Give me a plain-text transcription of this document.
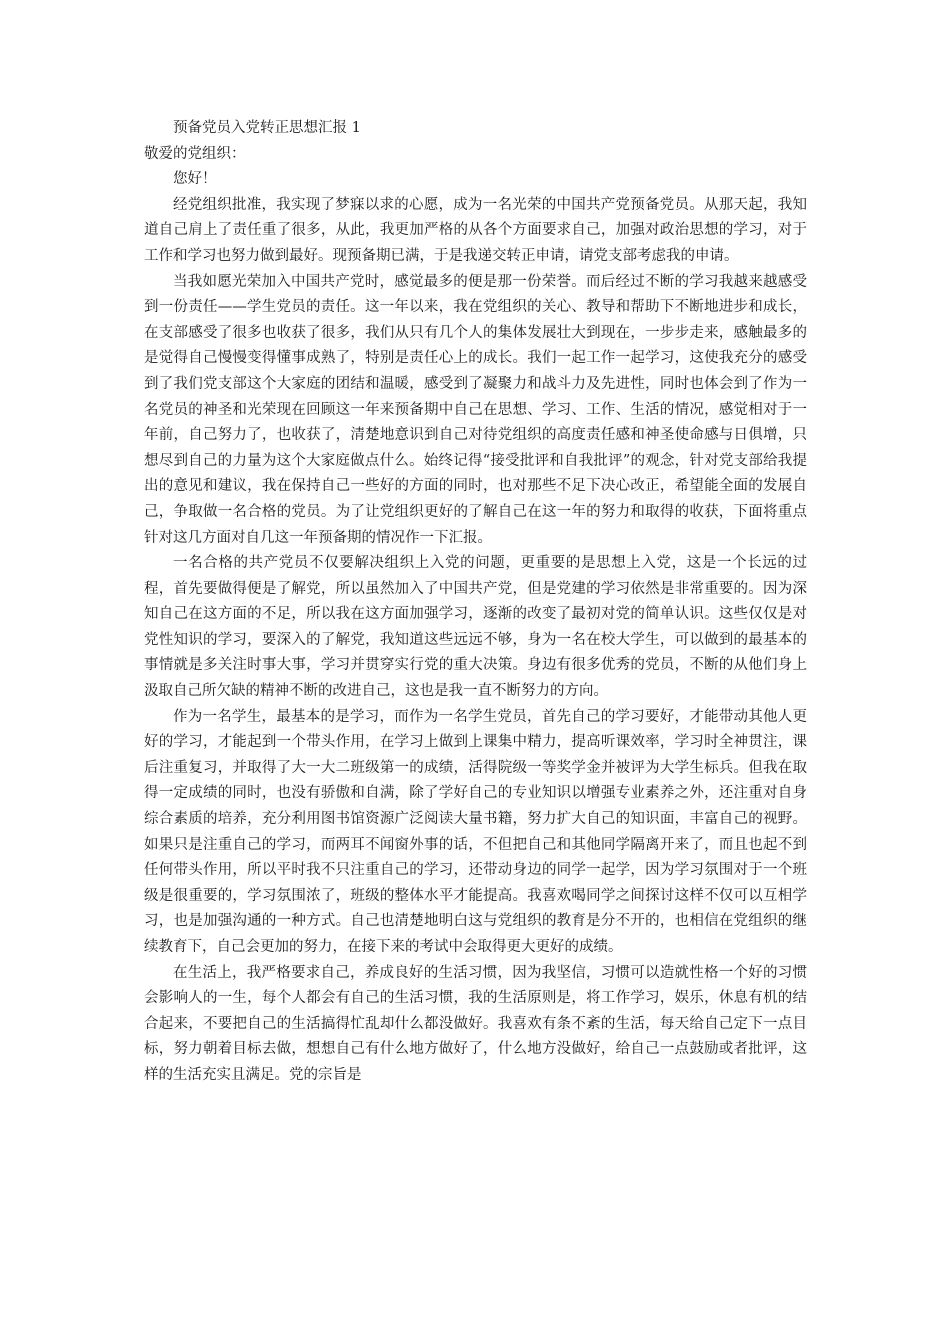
预备党员入党转正思想汇报 1

敬爱的党组织：

您好！

经党组织批准，我实现了梦寐以求的心愿，成为一名光荣的中国共产党预备党员。从那天起，我知道自己肩上了责任重了很多，从此，我更加严格的从各个方面要求自己，加强对政治思想的学习，对于工作和学习也努力做到最好。现预备期已满，于是我递交转正申请，请党支部考虑我的申请。

当我如愿光荣加入中国共产党时，感觉最多的便是那一份荣誉。而后经过不断的学习我越来越感受到一份责任——学生党员的责任。这一年以来，我在党组织的关心、教导和帮助下不断地进步和成长，在支部感受了很多也收获了很多，我们从只有几个人的集体发展壮大到现在，一步步走来，感触最多的是觉得自己慢慢变得懂事成熟了，特别是责任心上的成长。我们一起工作一起学习，这使我充分的感受到了我们党支部这个大家庭的团结和温暖，感受到了凝聚力和战斗力及先进性，同时也体会到了作为一名党员的神圣和光荣现在回顾这一年来预备期中自己在思想、学习、工作、生活的情况，感觉相对于一年前，自己努力了，也收获了，清楚地意识到自己对待党组织的高度责任感和神圣使命感与日俱增，只想尽到自己的力量为这个大家庭做点什么。始终记得“接受批评和自我批评”的观念，针对党支部给我提出的意见和建议，我在保持自己一些好的方面的同时，也对那些不足下决心改正，希望能全面的发展自己，争取做一名合格的党员。为了让党组织更好的了解自己在这一年的努力和取得的收获，下面将重点针对这几方面对自几这一年预备期的情况作一下汇报。

一名合格的共产党员不仅要解决组织上入党的问题，更重要的是思想上入党，这是一个长远的过程，首先要做得便是了解党，所以虽然加入了中国共产党，但是党建的学习依然是非常重要的。因为深知自己在这方面的不足，所以我在这方面加强学习，逐渐的改变了最初对党的简单认识。这些仅仅是对党性知识的学习，要深入的了解党，我知道这些远远不够，身为一名在校大学生，可以做到的最基本的事情就是多关注时事大事，学习并贯穿实行党的重大决策。身边有很多优秀的党员，不断的从他们身上汲取自己所欠缺的精神不断的改进自己，这也是我一直不断努力的方向。

作为一名学生，最基本的是学习，而作为一名学生党员，首先自己的学习要好，才能带动其他人更好的学习，才能起到一个带头作用，在学习上做到上课集中精力，提高听课效率，学习时全神贯注，课后注重复习，并取得了大一大二班级第一的成绩，活得院级一等奖学金并被评为大学生标兵。但我在取得一定成绩的同时，也没有骄傲和自满，除了学好自己的专业知识以增强专业素养之外，还注重对自身综合素质的培养，充分利用图书馆资源广泛阅读大量书籍，努力扩大自己的知识面，丰富自己的视野。如果只是注重自己的学习，而两耳不闻窗外事的话，不但把自己和其他同学隔离开来了，而且也起不到任何带头作用，所以平时我不只注重自己的学习，还带动身边的同学一起学，因为学习氛围对于一个班级是很重要的，学习氛围浓了，班级的整体水平才能提高。我喜欢喝同学之间探讨这样不仅可以互相学习，也是加强沟通的一种方式。自己也清楚地明白这与党组织的教育是分不开的，也相信在党组织的继续教育下，自己会更加的努力，在接下来的考试中会取得更大更好的成绩。

在生活上，我严格要求自己，养成良好的生活习惯，因为我坚信，习惯可以造就性格一个好的习惯会影响人的一生，每个人都会有自己的生活习惯，我的生活原则是，将工作学习，娱乐，休息有机的结合起来，不要把自己的生活搞得忙乱却什么都没做好。我喜欢有条不紊的生活，每天给自己定下一点目标，努力朝着目标去做，想想自己有什么地方做好了，什么地方没做好，给自己一点鼓励或者批评，这样的生活充实且满足。党的宗旨是
